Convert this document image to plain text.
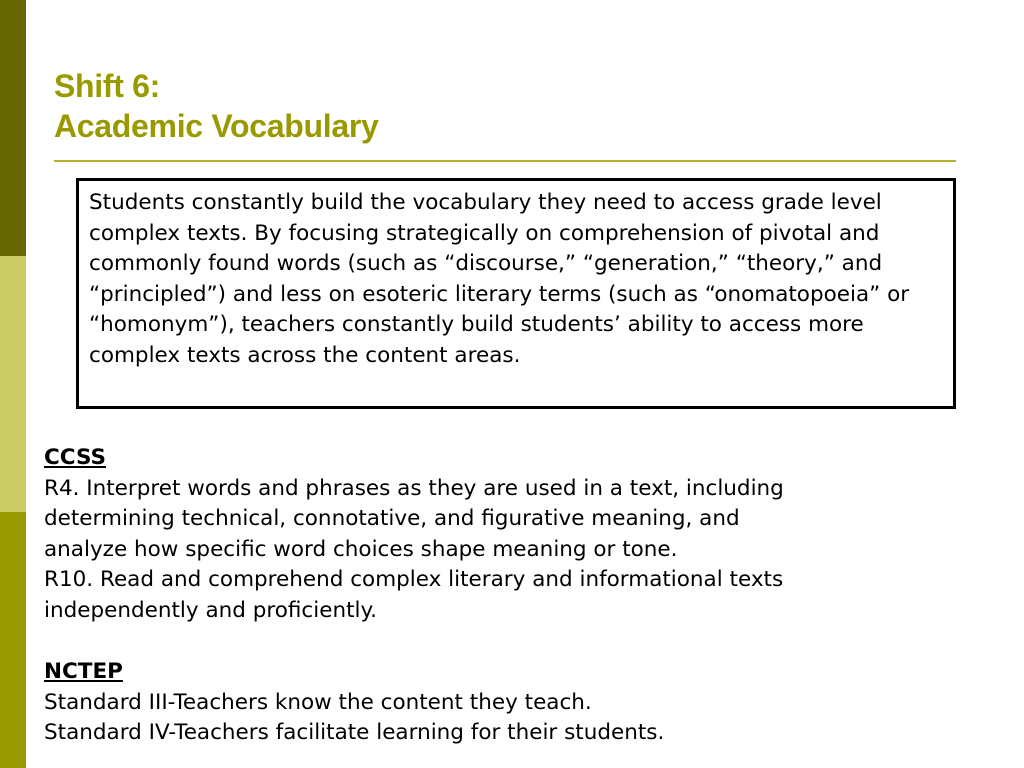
Shift 6:
Academic Vocabulary
Students constantly build the vocabulary they need to access grade level complex texts. By focusing strategically on comprehension of pivotal and commonly found words (such as “discourse,” “generation,” “theory,” and “principled”) and less on esoteric literary terms (such as “onomatopoeia” or “homonym”), teachers constantly build students’ ability to access more complex texts across the content areas.
CCSS
R4. Interpret words and phrases as they are used in a text, including
determining technical, connotative, and figurative meaning, and
analyze how specific word choices shape meaning or tone.
R10. Read and comprehend complex literary and informational texts
independently and proficiently.
NCTEP
Standard III-Teachers know the content they teach.
Standard IV-Teachers facilitate learning for their students.
